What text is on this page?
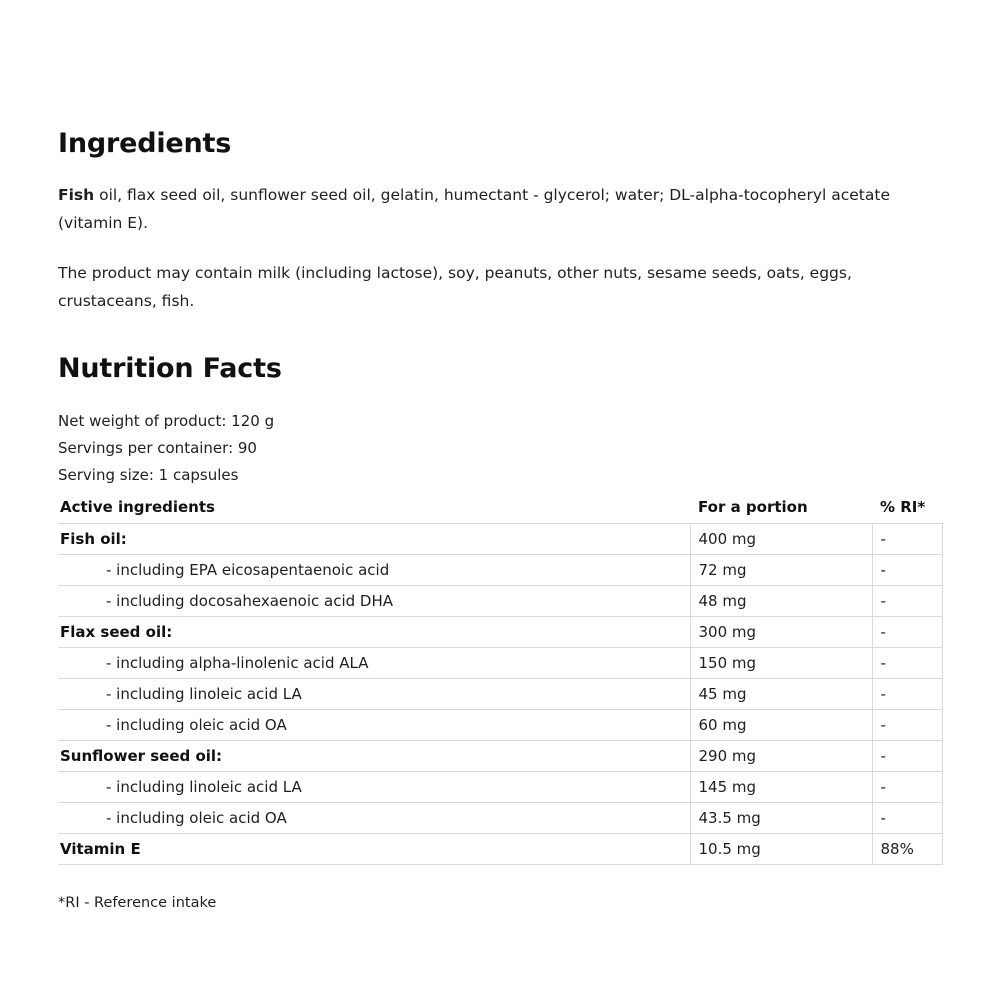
Ingredients

Fish oil, flax seed oil, sunflower seed oil, gelatin, humectant - glycerol; water; DL-alpha-tocopheryl acetate (vitamin E).

The product may contain milk (including lactose), soy, peanuts, other nuts, sesame seeds, oats, eggs, crustaceans, fish.

Nutrition Facts
Net weight of product: 120 g
Servings per container: 90
Serving size: 1 capsules
Active ingredients	For a portion	% RI*
Fish oil:	400 mg	-
- including EPA eicosapentaenoic acid	72 mg	-
- including docosahexaenoic acid DHA	48 mg	-
Flax seed oil:	300 mg	-
- including alpha-linolenic acid ALA	150 mg	-
- including linoleic acid LA	45 mg	-
- including oleic acid OA	60 mg	-
Sunflower seed oil:	290 mg	-
- including linoleic acid LA	145 mg	-
- including oleic acid OA	43.5 mg	-
Vitamin E	10.5 mg	88%
*RI - Reference intake
